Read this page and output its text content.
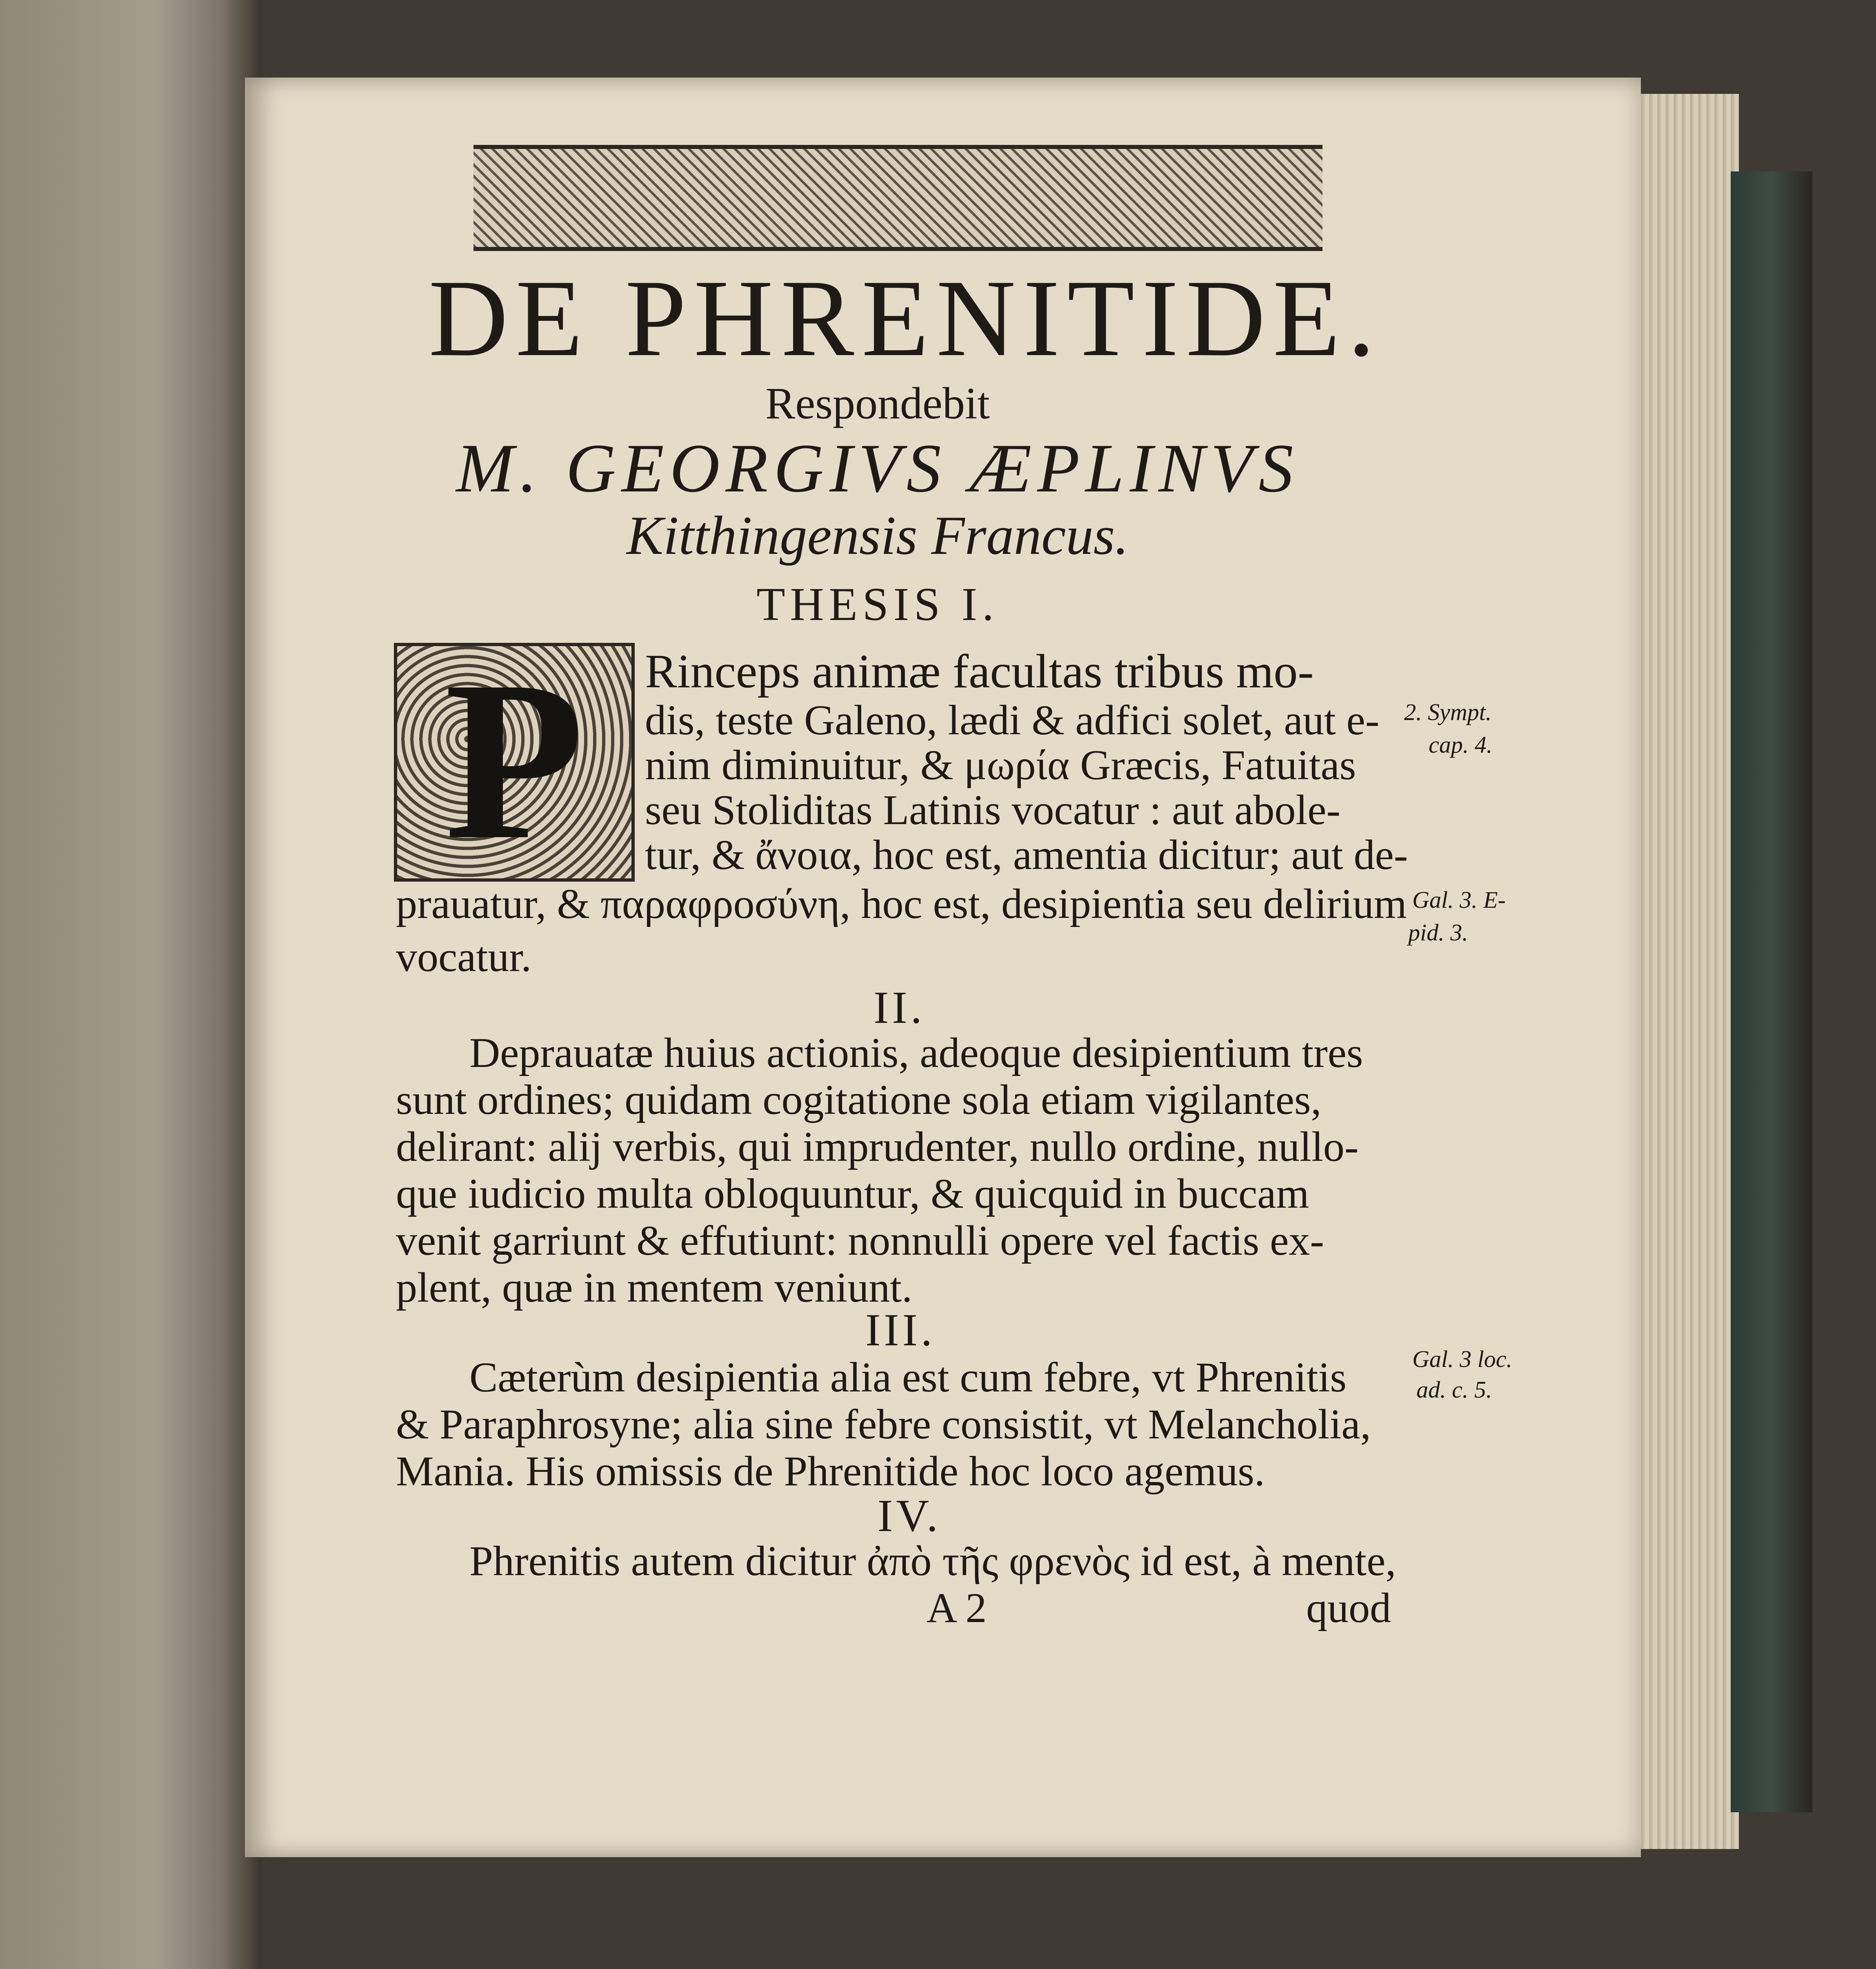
DE PHRENITIDE.
Respondebit
M. GEORGIVS ÆPLINVS
Kitthingensis Francus.
THESIS I.
P	Rinceps animæ facultas tribus mo-
dis, teste Galeno, lædi & adfici solet, aut e-
nim diminuitur, & μωρία Græcis, Fatuitas
seu Stoliditas Latinis vocatur : aut abole-
tur, & ἄνοια, hoc est, amentia dicitur; aut de-
prauatur, & παραφροσύνη, hoc est, desipientia seu delirium
vocatur.
II.
Deprauatæ huius actionis, adeoque desipientium tres
sunt ordines; quidam cogitatione sola etiam vigilantes,
delirant: alij verbis, qui imprudenter, nullo ordine, nullo-
que iudicio multa obloquuntur, & quicquid in buccam
venit garriunt & effutiunt: nonnulli opere vel factis ex-
plent, quæ in mentem veniunt.
III.
Cæterùm desipientia alia est cum febre, vt Phrenitis
& Paraphrosyne; alia sine febre consistit, vt Melancholia,
Mania. His omissis de Phrenitide hoc loco agemus.
IV.
Phrenitis autem dicitur ἀπὸ τῆς φρενὸς id est, à mente,
A 2	quod
2. Sympt.
cap. 4.
Gal. 3. E-
pid. 3.
Gal. 3 loc.
ad. c. 5.
